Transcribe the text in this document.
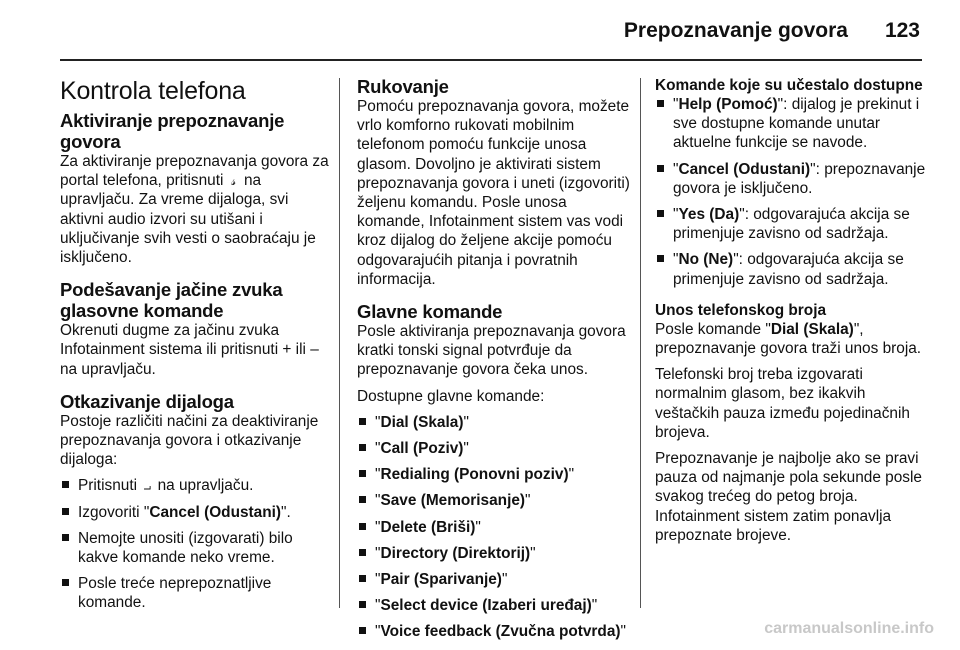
Prepoznavanje govora 123
Kontrola telefona
Aktiviranje prepoznavanje govora

Za aktiviranje prepoznavanja govora za portal telefona, pritisnuti 𝓈 na upravljaču. Za vreme dijaloga, svi aktivni audio izvori su utišani i uključivanje svih vesti o saobraćaju je isključeno.

Podešavanje jačine zvuka glasovne komande

Okrenuti dugme za jačinu zvuka Infotainment sistema ili pritisnuti + ili – na upravljaču.

Otkazivanje dijaloga

Postoje različiti načini za deaktiviranje prepoznavanja govora i otkazivanje dijaloga:

Pritisnuti ⨼ na upravljaču.
Izgovoriti "Cancel (Odustani)".
Nemojte unositi (izgovarati) bilo kakve komande neko vreme.
Posle treće neprepoznatljive komande.
Rukovanje

Pomoću prepoznavanja govora, možete vrlo komforno rukovati mobilnim telefonom pomoću funkcije unosa glasom. Dovoljno je aktivirati sistem prepoznavanja govora i uneti (izgovoriti) željenu komandu. Posle unosa komande, Infotainment sistem vas vodi kroz dijalog do željene akcije pomoću odgovarajućih pitanja i povratnih informacija.

Glavne komande

Posle aktiviranja prepoznavanja govora kratki tonski signal potvrđuje da prepoznavanje govora čeka unos.

Dostupne glavne komande:

"Dial (Skala)"
"Call (Poziv)"
"Redialing (Ponovni poziv)"
"Save (Memorisanje)"
"Delete (Briši)"
"Directory (Direktorij)"
"Pair (Sparivanje)"
"Select device (Izaberi uređaj)"
"Voice feedback (Zvučna potvrda)"
Komande koje su učestalo dostupne
"Help (Pomoć)": dijalog je prekinut i sve dostupne komande unutar aktuelne funkcije se navode.
"Cancel (Odustani)": prepoznavanje govora je isključeno.
"Yes (Da)": odgovarajuća akcija se primenjuje zavisno od sadržaja.
"No (Ne)": odgovarajuća akcija se primenjuje zavisno od sadržaja.
Unos telefonskog broja

Posle komande "Dial (Skala)", prepoznavanje govora traži unos broja.

Telefonski broj treba izgovarati normalnim glasom, bez ikakvih veštačkih pauza između pojedinačnih brojeva.

Prepoznavanje je najbolje ako se pravi pauza od najmanje pola sekunde posle svakog trećeg do petog broja. Infotainment sistem zatim ponavlja prepoznate brojeve.

carmanualsonline.info
